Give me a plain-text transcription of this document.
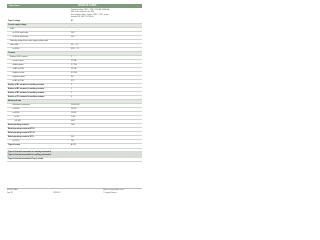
Data sheet	3RH2122-1AB00
Contactor relay, 2 NO + 2 NC, 24 V AC, 50/60 Hz,
S00, screw terminal, size S00,
for contactor relays, 4-pole, 2 NO + 2 NC, screw
terminal, 24 V AC, 50 / 60 Hz
Type of voltage	AC
Control supply voltage
at AC
• at 50 Hz rated value	24 V
• at 60 Hz rated value	24 V
Operating range factor control supply voltage rated
value at AC	0.8 ... 1.1
• at 60 Hz	0.85 ... 1.1
Contacts
Number of NO contacts	2
• inrush current	37 V·A
• holding power	5.7 V·A
• at AC at 60 Hz	33 V·A
• holding current	4.4 V·A
• apparent power	0.8
• at AC at 60 Hz	0.75
Number of NC contacts for auxiliary contacts	2
Number of NC contacts for auxiliary contacts	2
Number of NO contacts for auxiliary contacts	2
Number of CO contacts for auxiliary contacts	0
Mechanical data
• Mechanical endurance	30 000 000
• at 50 Hz	50 000
• at 60 Hz	50 000
• at DC	1 000
• UL 508	600 V
Rated operating current Ie	10 A
Rated operating current at AC-15
Rated operating current at DC-13
Rated operating current at 110 V	3 A
• at 220 V	1 A
Type of current	AC/DC
Type of electrical connection for auxiliary and control
Type of electrical connection for auxiliary and control
Type of electrical connection Plug-in socket
3RH2122-1AB00
Page 1/3	07/26/2019
Subject to change without notice
© Copyright Siemens
